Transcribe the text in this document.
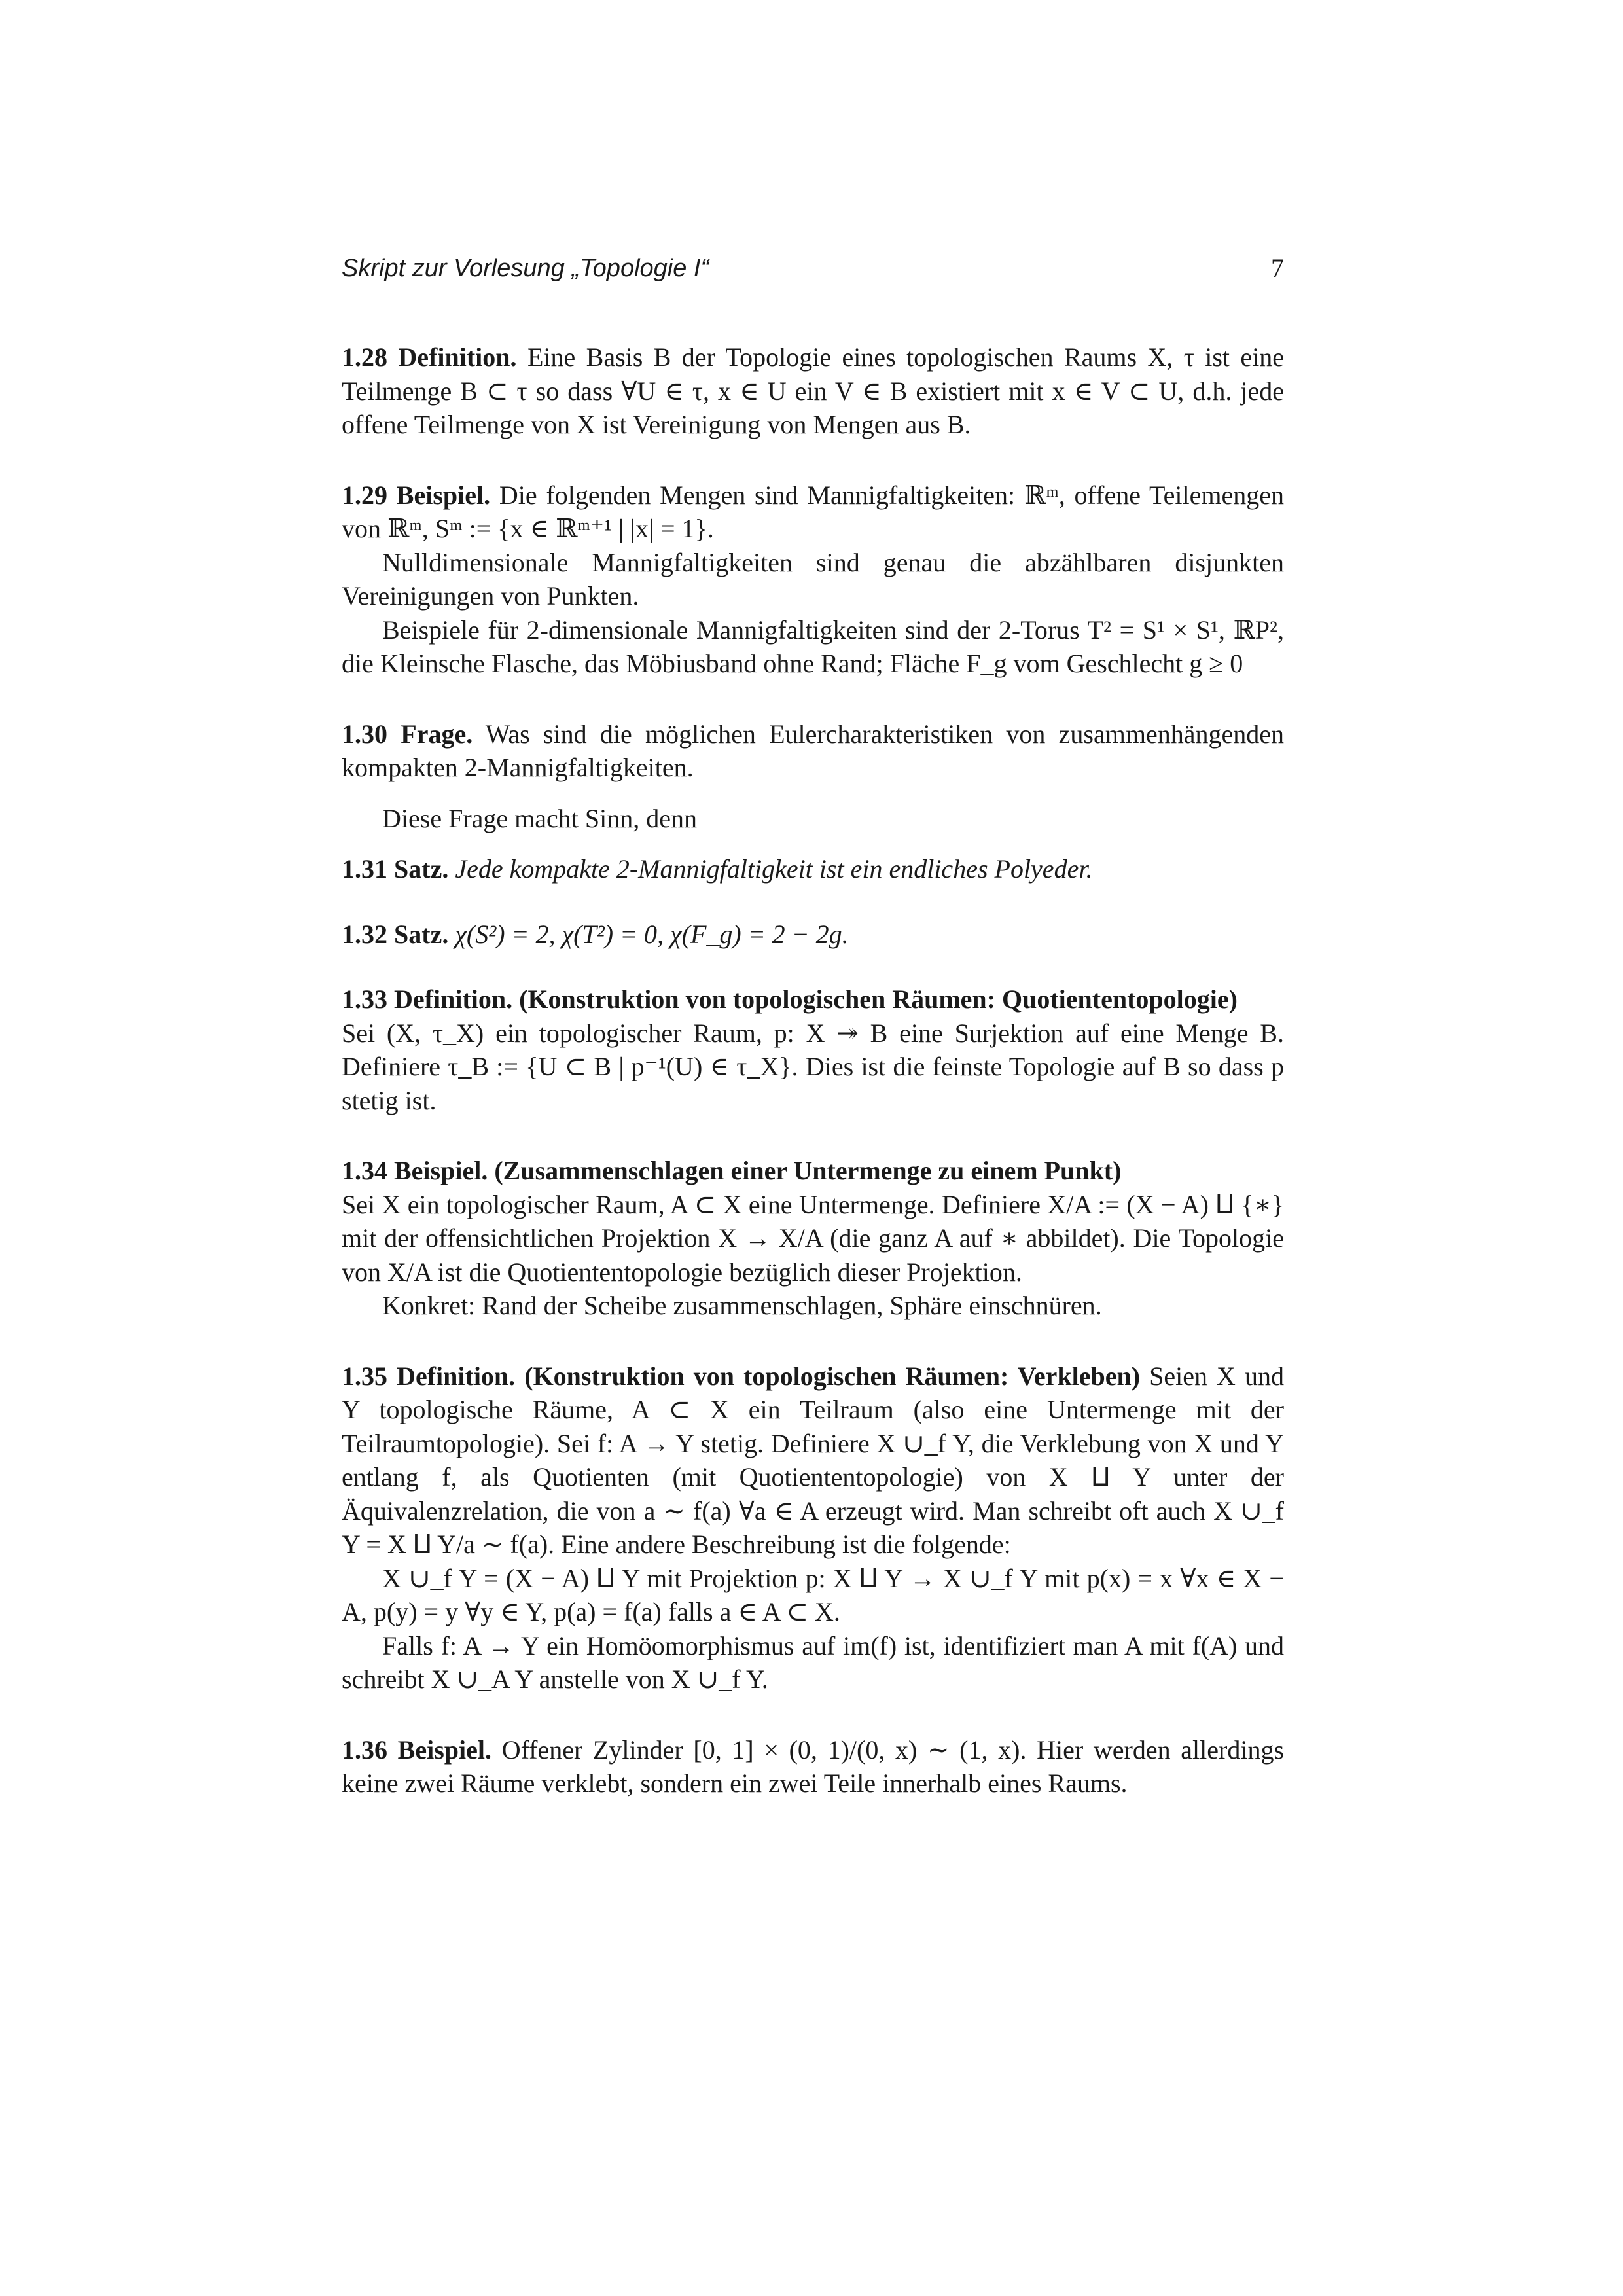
Skript zur Vorlesung „Topologie I“	7

1.28 Definition. Eine Basis B der Topologie eines topologischen Raums X, τ ist eine Teilmenge B ⊂ τ so dass ∀U ∈ τ, x ∈ U ein V ∈ B existiert mit x ∈ V ⊂ U, d.h. jede offene Teilmenge von X ist Vereinigung von Mengen aus B.

1.29 Beispiel. Die folgenden Mengen sind Mannigfaltigkeiten: ℝᵐ, offene Teilemengen von ℝᵐ, Sᵐ := {x ∈ ℝᵐ⁺¹ | |x| = 1}.

Nulldimensionale Mannigfaltigkeiten sind genau die abzählbaren disjunkten Vereinigungen von Punkten.

Beispiele für 2-dimensionale Mannigfaltigkeiten sind der 2-Torus T² = S¹ × S¹, ℝP², die Kleinsche Flasche, das Möbiusband ohne Rand; Fläche F_g vom Geschlecht g ≥ 0

1.30 Frage. Was sind die möglichen Eulercharakteristiken von zusammenhängenden kompakten 2-Mannigfaltigkeiten.

Diese Frage macht Sinn, denn

1.31 Satz. Jede kompakte 2-Mannigfaltigkeit ist ein endliches Polyeder.

1.32 Satz. χ(S²) = 2, χ(T²) = 0, χ(F_g) = 2 − 2g.

1.33 Definition. (Konstruktion von topologischen Räumen: Quotiententopologie)

Sei (X, τ_X) ein topologischer Raum, p: X ↠ B eine Surjektion auf eine Menge B. Definiere τ_B := {U ⊂ B | p⁻¹(U) ∈ τ_X}. Dies ist die feinste Topologie auf B so dass p stetig ist.

1.34 Beispiel. (Zusammenschlagen einer Untermenge zu einem Punkt)

Sei X ein topologischer Raum, A ⊂ X eine Untermenge. Definiere X/A := (X − A) ⨿ {∗} mit der offensichtlichen Projektion X → X/A (die ganz A auf ∗ abbildet). Die Topologie von X/A ist die Quotiententopologie bezüglich dieser Projektion.

Konkret: Rand der Scheibe zusammenschlagen, Sphäre einschnüren.

1.35 Definition. (Konstruktion von topologischen Räumen: Verkleben) Seien X und Y topologische Räume, A ⊂ X ein Teilraum (also eine Untermenge mit der Teilraumtopologie). Sei f: A → Y stetig. Definiere X ∪_f Y, die Verklebung von X und Y entlang f, als Quotienten (mit Quotiententopologie) von X ⨿ Y unter der Äquivalenzrelation, die von a ∼ f(a) ∀a ∈ A erzeugt wird. Man schreibt oft auch X ∪_f Y = X ⨿ Y/a ∼ f(a). Eine andere Beschreibung ist die folgende:

X ∪_f Y = (X − A) ⨿ Y mit Projektion p: X ⨿ Y → X ∪_f Y mit p(x) = x ∀x ∈ X − A, p(y) = y ∀y ∈ Y, p(a) = f(a) falls a ∈ A ⊂ X.

Falls f: A → Y ein Homöomorphismus auf im(f) ist, identifiziert man A mit f(A) und schreibt X ∪_A Y anstelle von X ∪_f Y.

1.36 Beispiel. Offener Zylinder [0, 1] × (0, 1)/(0, x) ∼ (1, x). Hier werden allerdings keine zwei Räume verklebt, sondern ein zwei Teile innerhalb eines Raums.
